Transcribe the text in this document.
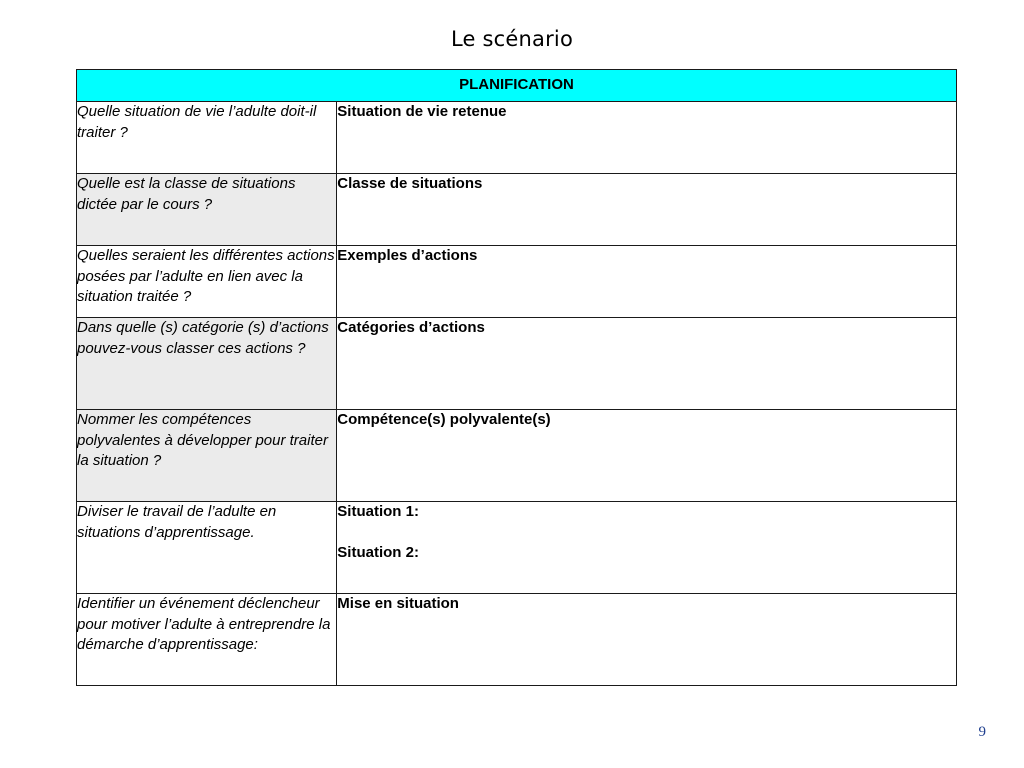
Le scénario
PLANIFICATION	
Quelle situation de vie l’adulte doit-il traiter ?	Situation de vie retenue

Quelle est la classe de situations dictée par le cours ?	Classe de situations

Quelles seraient les différentes actions posées par l’adulte en lien avec la situation traitée ?	Exemples d’actions

Dans quelle (s) catégorie (s) d’actions pouvez-vous classer ces actions ?	Catégories d’actions

Nommer les compétences polyvalentes à développer pour traiter la situation ?	Compétence(s) polyvalente(s)

Diviser le travail de l’adulte en situations d’apprentissage.	Situation 1:
Situation 2:

Identifier un événement déclencheur pour motiver l’adulte à entreprendre la démarche d’apprentissage:	Mise en situation
9
